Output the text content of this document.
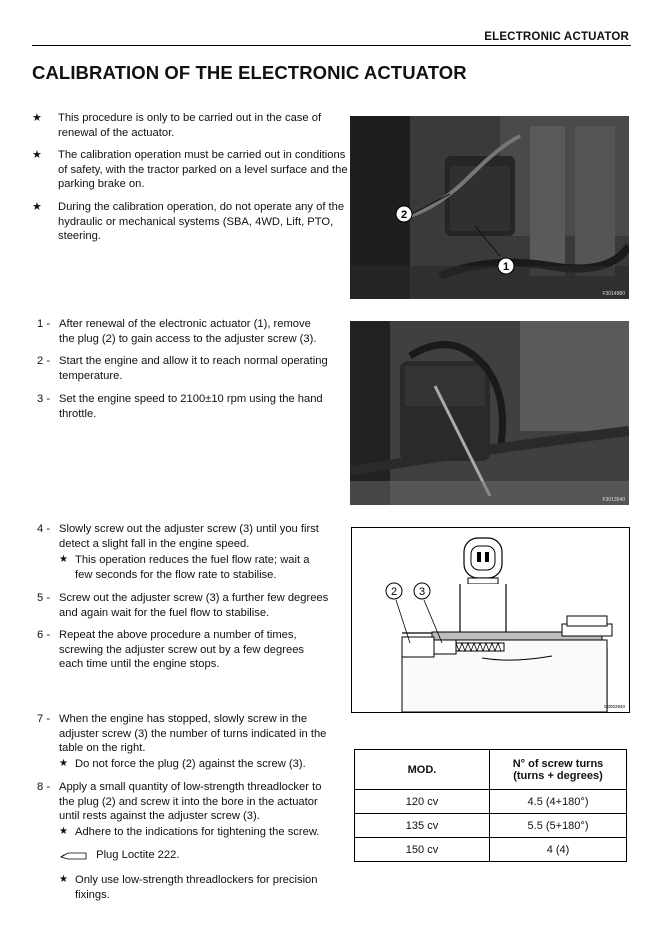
ELECTRONIC ACTUATOR
CALIBRATION OF THE ELECTRONIC ACTUATOR
★ This procedure is only to be carried out in the case of renewal of the actuator.
★ The calibration operation must be carried out in conditions of safety, with the tractor parked on a level surface and the parking brake on.
★ During the calibration operation, do not operate any of the hydraulic or mechanical systems (SBA, 4WD, Lift, PTO, steering.
2
1
F3014980
1 - After renewal of the electronic actuator (1), remove the plug (2) to gain access to the adjuster screw (3).
2 - Start the engine and allow it to reach normal operating temperature.
3 - Set the engine speed to 2100±10 rpm using the hand throttle.
F3013540
4 - Slowly screw out the adjuster screw (3) until you first detect a slight fall in the engine speed.
★ This operation reduces the fuel flow rate; wait a few seconds for the flow rate to stabilise.
5 - Screw out the adjuster screw (3) a further few degrees and again wait for the fuel flow to stabilise.
6 - Repeat the above procedure a number of times, screwing the adjuster screw out by a few degrees each time until the engine stops.
2 3
D0002940
7 - When the engine has stopped, slowly screw in the adjuster screw (3) the number of turns indicated in the table on the right.
★ Do not force the plug (2) against the screw (3).
8 - Apply a small quantity of low-strength threadlocker to the plug (2) and screw it into the bore in the actuator until rests against the adjuster screw (3).
★ Adhere to the indications for tightening the screw.
Plug Loctite 222.
★ Only use low-strength threadlockers for precision fixings.
MOD.	N° of screw turns
(turns + degrees)

120 cv	4.5 (4+180°)
135 cv	5.5 (5+180°)
150 cv	4 (4)
